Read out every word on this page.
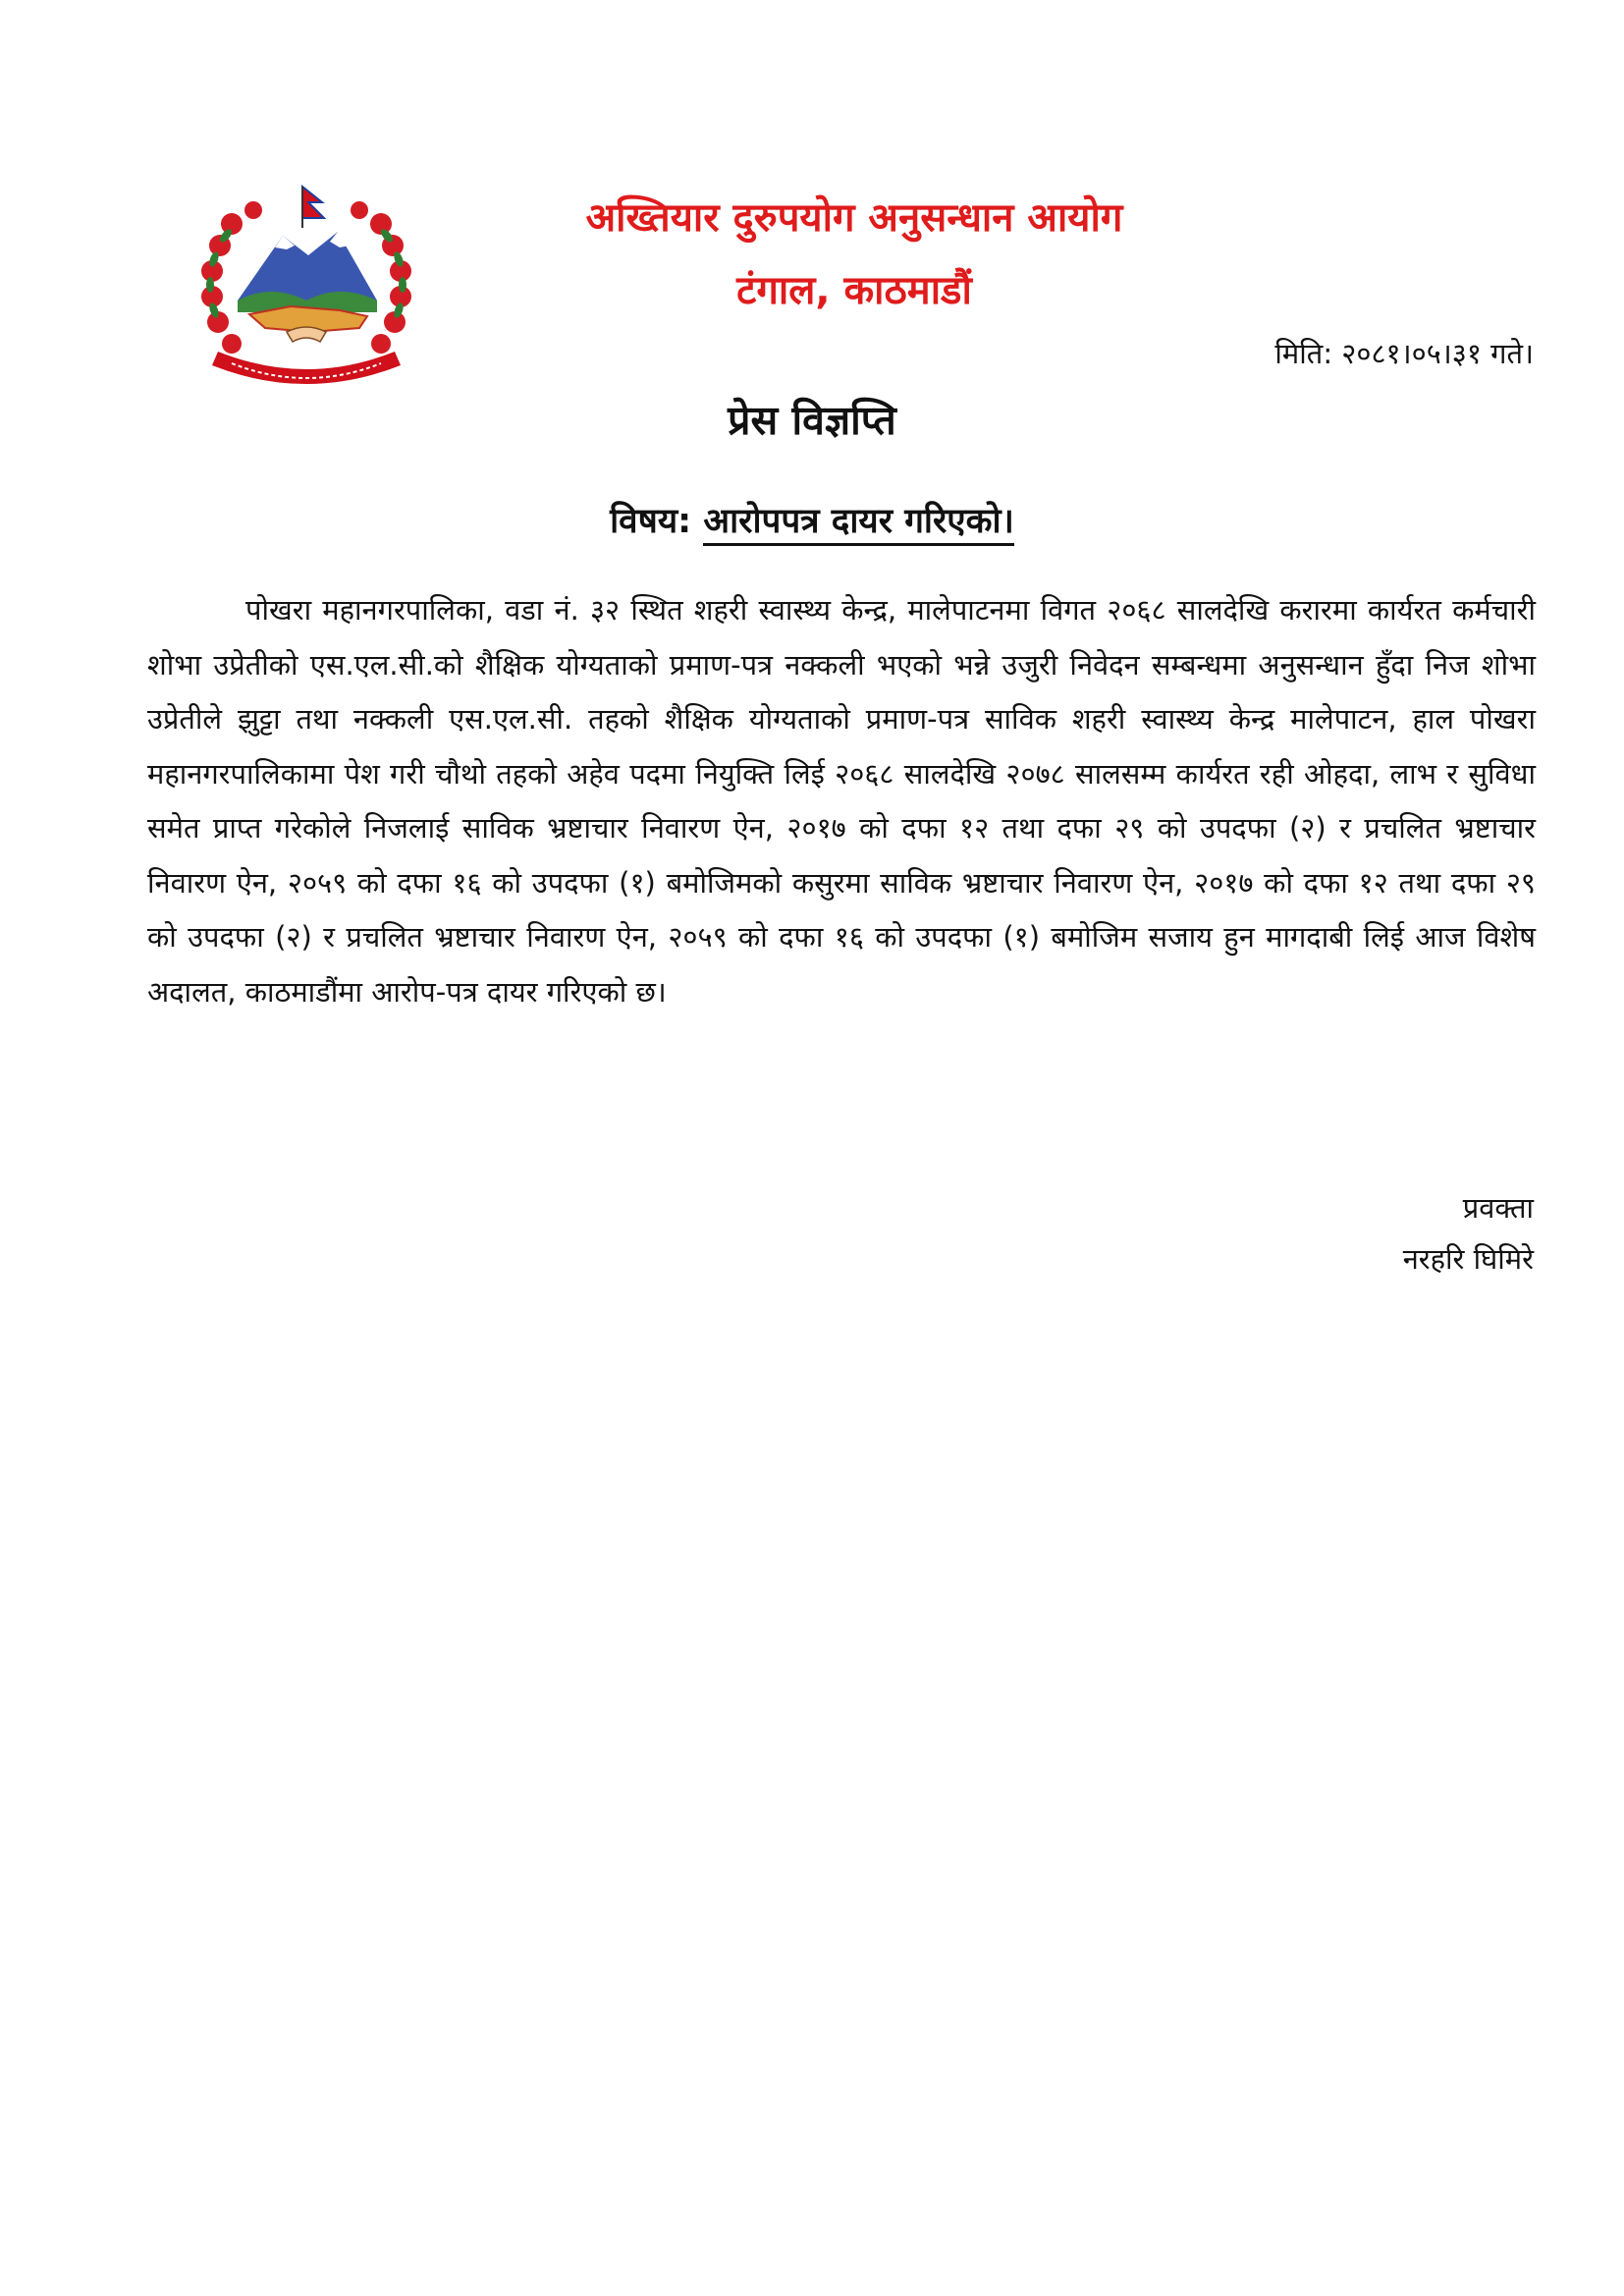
अख्तियार दुरुपयोग अनुसन्धान आयोग
टंगाल, काठमाडौं
मिति: २०८१।०५।३१ गते।
प्रेस विज्ञप्ति
विषय: आरोपपत्र दायर गरिएको।

पोखरा महानगरपालिका, वडा नं. ३२ स्थित शहरी स्वास्थ्य केन्द्र, मालेपाटनमा विगत २०६८ सालदेखि करारमा कार्यरत कर्मचारी शोभा उप्रेतीको एस.एल.सी.को शैक्षिक योग्यताको प्रमाण-पत्र नक्कली भएको भन्ने उजुरी निवेदन सम्बन्धमा अनुसन्धान हुँदा निज शोभा उप्रेतीले झुट्टा तथा नक्कली एस.एल.सी. तहको शैक्षिक योग्यताको प्रमाण-पत्र साविक शहरी स्वास्थ्य केन्द्र मालेपाटन, हाल पोखरा महानगरपालिकामा पेश गरी चौथो तहको अहेव पदमा नियुक्ति लिई २०६८ सालदेखि २०७८ सालसम्म कार्यरत रही ओहदा, लाभ र सुविधा समेत प्राप्त गरेकोले निजलाई साविक भ्रष्टाचार निवारण ऐन, २०१७ को दफा १२ तथा दफा २९ को उपदफा (२) र प्रचलित भ्रष्टाचार निवारण ऐन, २०५९ को दफा १६ को उपदफा (१) बमोजिमको कसुरमा साविक भ्रष्टाचार निवारण ऐन, २०१७ को दफा १२ तथा दफा २९ को उपदफा (२) र प्रचलित भ्रष्टाचार निवारण ऐन, २०५९ को दफा १६ को उपदफा (१) बमोजिम सजाय हुन मागदाबी लिई आज विशेष अदालत, काठमाडौंमा आरोप-पत्र दायर गरिएको छ।

प्रवक्ता
नरहरि घिमिरे
